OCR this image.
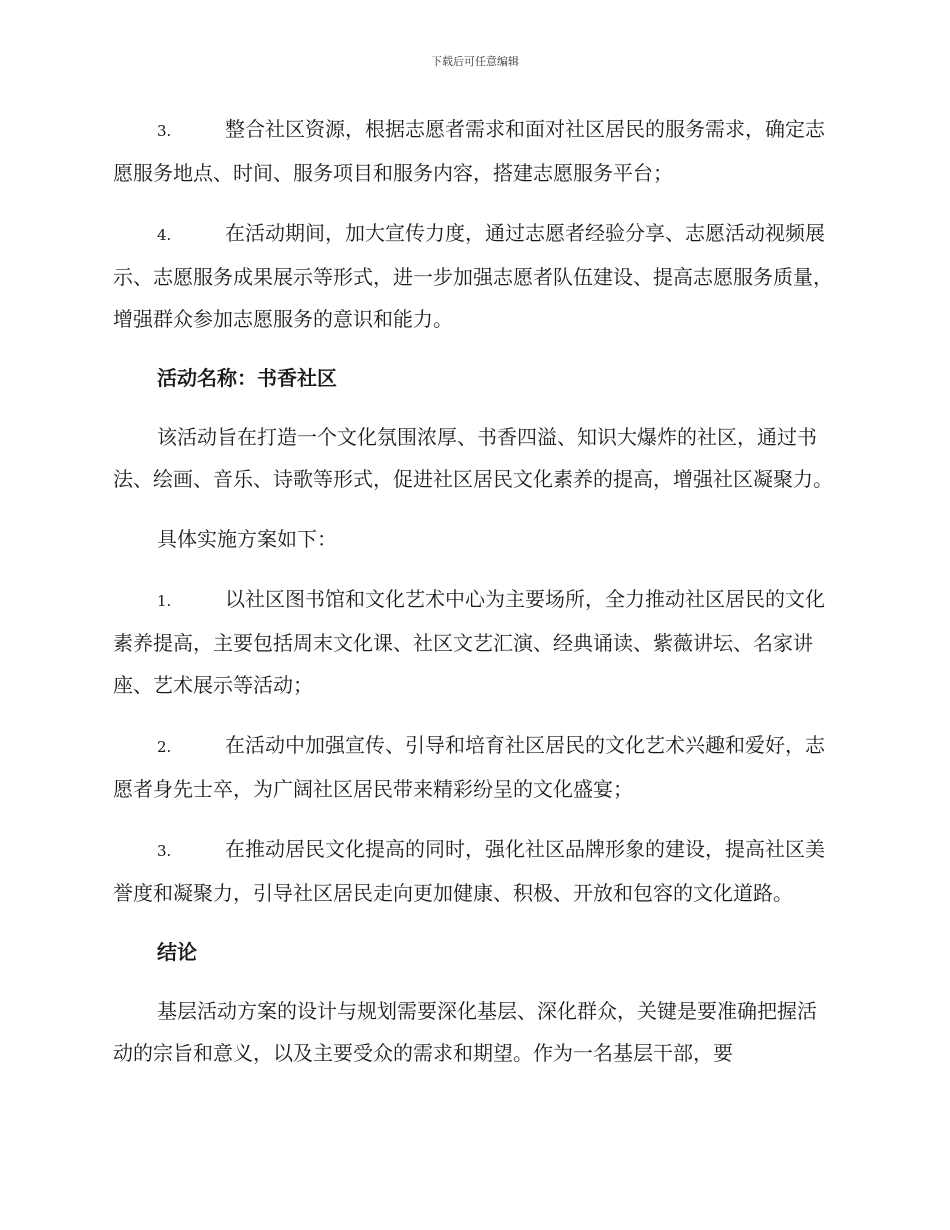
下载后可任意编辑

3.	整合社区资源，根据志愿者需求和面对社区居民的服务需求，确定志愿服务地点、时间、服务项目和服务内容，搭建志愿服务平台；

4.	在活动期间，加大宣传力度，通过志愿者经验分享、志愿活动视频展示、志愿服务成果展示等形式，进一步加强志愿者队伍建设、提高志愿服务质量，增强群众参加志愿服务的意识和能力。

活动名称：书香社区

该活动旨在打造一个文化氛围浓厚、书香四溢、知识大爆炸的社区，通过书法、绘画、音乐、诗歌等形式，促进社区居民文化素养的提高，增强社区凝聚力。

具体实施方案如下：

1.	以社区图书馆和文化艺术中心为主要场所，全力推动社区居民的文化素养提高，主要包括周末文化课、社区文艺汇演、经典诵读、紫薇讲坛、名家讲座、艺术展示等活动；

2.	在活动中加强宣传、引导和培育社区居民的文化艺术兴趣和爱好，志愿者身先士卒，为广阔社区居民带来精彩纷呈的文化盛宴；

3.	在推动居民文化提高的同时，强化社区品牌形象的建设，提高社区美誉度和凝聚力，引导社区居民走向更加健康、积极、开放和包容的文化道路。

结论

基层活动方案的设计与规划需要深化基层、深化群众，关键是要准确把握活动的宗旨和意义，以及主要受众的需求和期望。作为一名基层干部，要
